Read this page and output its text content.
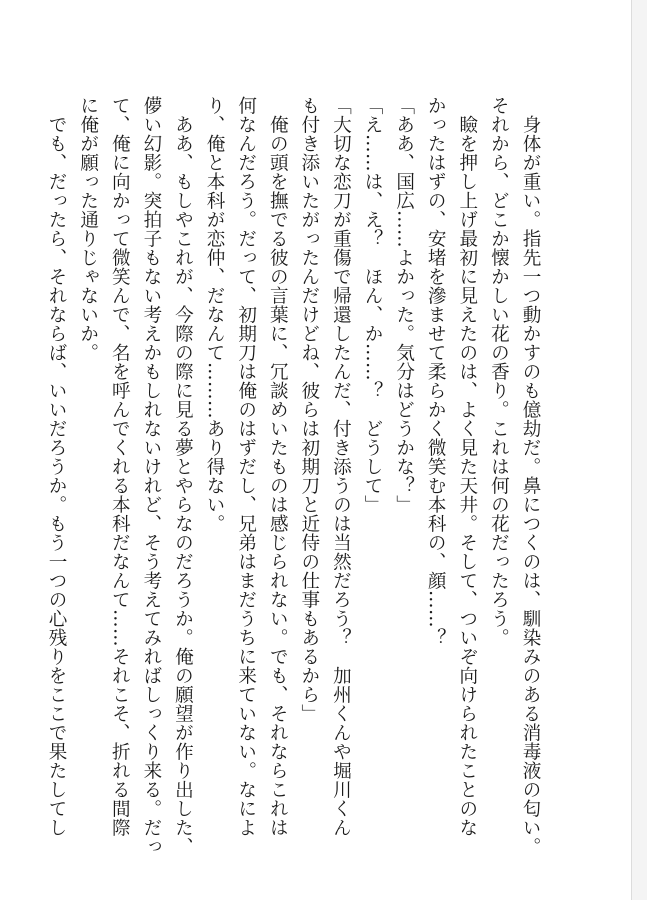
身体が重い。指先一つ動かすのも億劫だ。鼻につくのは、馴染みのある消毒液の匂い。

それから、どこか懐かしい花の香り。これは何の花だったろう。

瞼を押し上げ最初に見えたのは、よく見た天井。そして、ついぞ向けられたことのな

かったはずの、安堵を滲ませて柔らかく微笑む本科の、顔……？

「ああ、国広……よかった。気分はどうかな？」

「え……は、え？　ほん、か……？　どうして」

「大切な恋刀が重傷で帰還したんだ、付き添うのは当然だろう？　加州くんや堀川くん

も付き添いたがったんだけどね、彼らは初期刀と近侍の仕事もあるから」

俺の頭を撫でる彼の言葉に、冗談めいたものは感じられない。でも、それならこれは

何なんだろう。だって、初期刀は俺のはずだし、兄弟はまだうちに来ていない。なによ

り、俺と本科が恋仲、だなんて………あり得ない。

ああ、もしやこれが、今際の際に見る夢とやらなのだろうか。俺の願望が作り出した、

儚い幻影。突拍子もない考えかもしれないけれど、そう考えてみればしっくり来る。だっ

て、俺に向かって微笑んで、名を呼んでくれる本科だなんて……それこそ、折れる間際

に俺が願った通りじゃないか。

でも、だったら、それならば、いいだろうか。もう一つの心残りをここで果たしてし
